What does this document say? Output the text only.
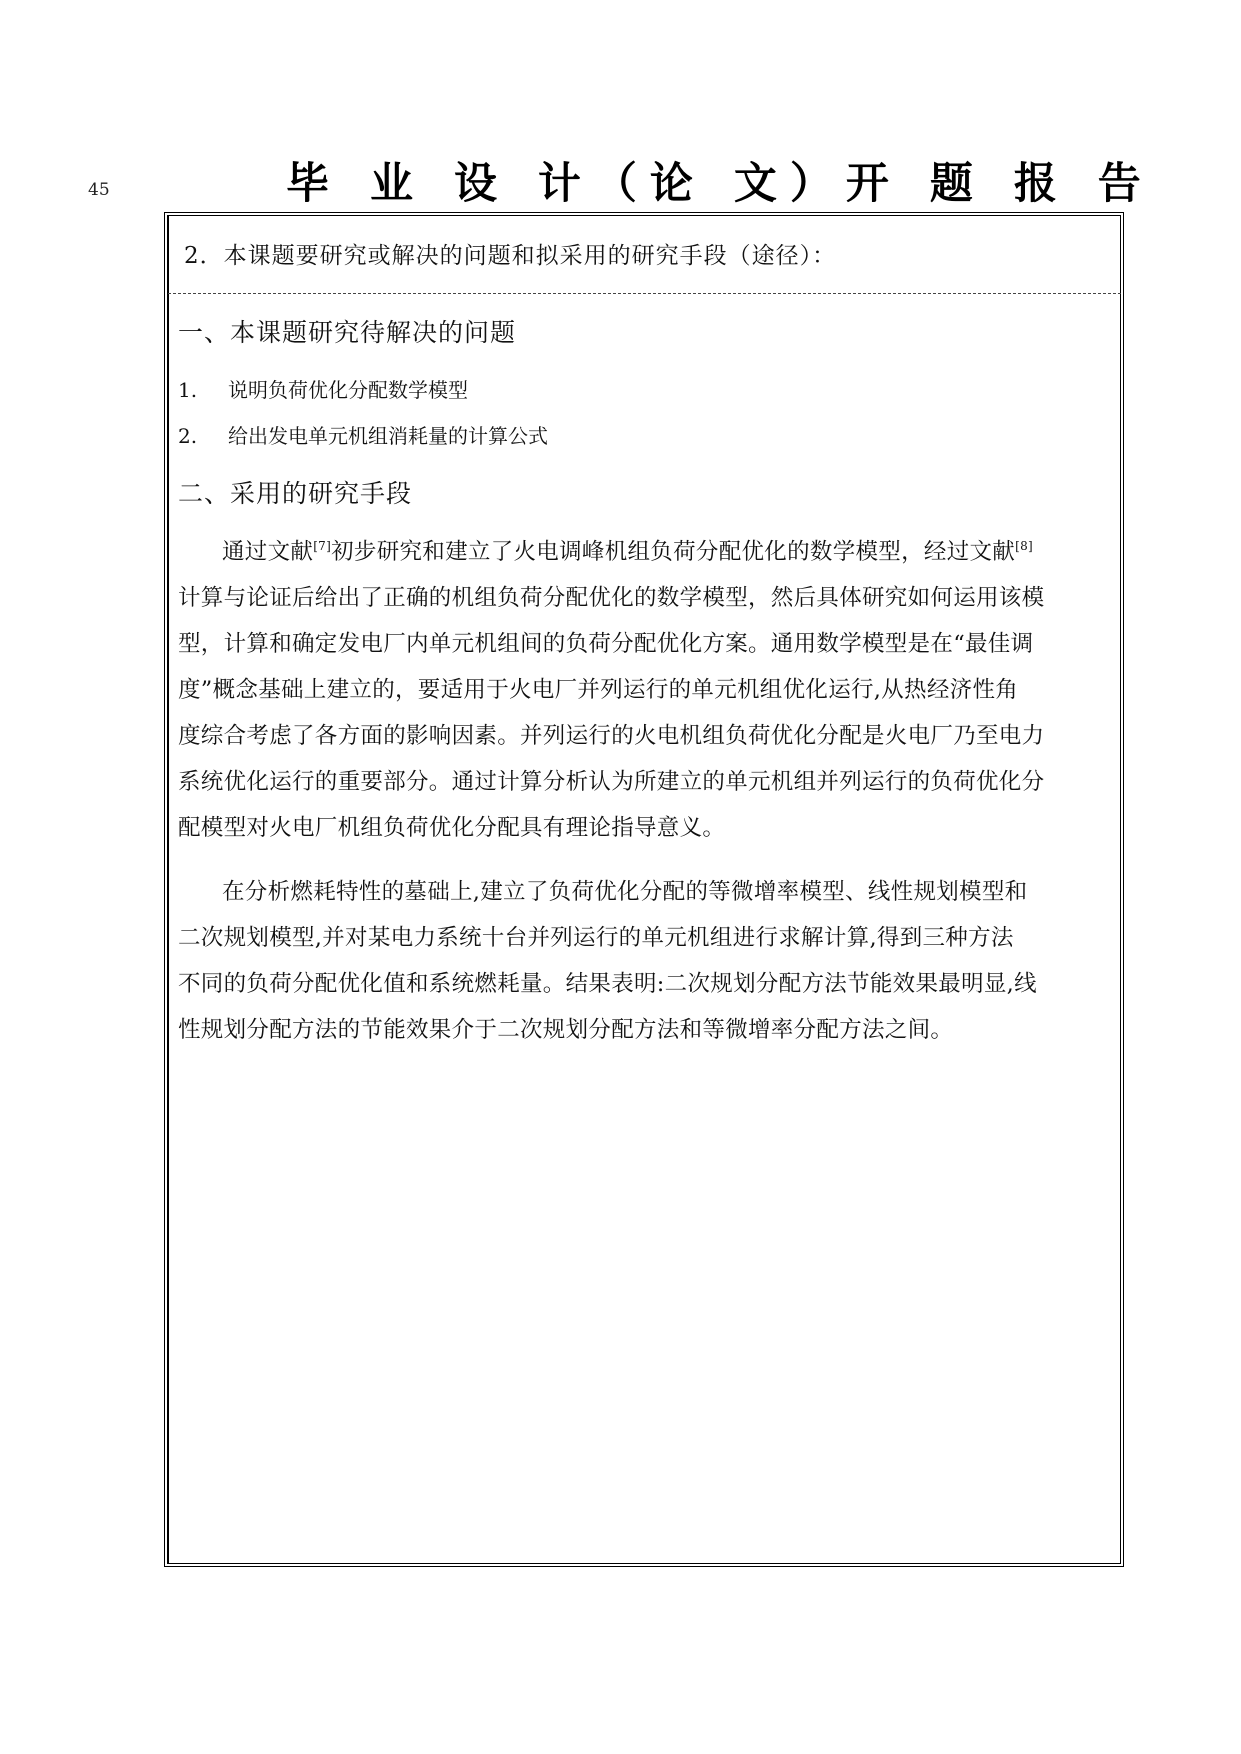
45	毕 业 设 计（论 文）开 题 报 告
2．本课题要研究或解决的问题和拟采用的研究手段（途径）：
一、本课题研究待解决的问题
1. 说明负荷优化分配数学模型
2. 给出发电单元机组消耗量的计算公式
二、采用的研究手段
通过文献[7]初步研究和建立了火电调峰机组负荷分配优化的数学模型，经过文献[8]
计算与论证后给出了正确的机组负荷分配优化的数学模型，然后具体研究如何运用该模
型，计算和确定发电厂内单元机组间的负荷分配优化方案。通用数学模型是在“最佳调
度”概念基础上建立的，要适用于火电厂并列运行的单元机组优化运行,从热经济性角
度综合考虑了各方面的影响因素。并列运行的火电机组负荷优化分配是火电厂乃至电力
系统优化运行的重要部分。通过计算分析认为所建立的单元机组并列运行的负荷优化分
配模型对火电厂机组负荷优化分配具有理论指导意义。
在分析燃耗特性的墓础上,建立了负荷优化分配的等微增率模型、线性规划模型和
二次规划模型,并对某电力系统十台并列运行的单元机组进行求解计算,得到三种方法
不同的负荷分配优化值和系统燃耗量。结果表明:二次规划分配方法节能效果最明显,线
性规划分配方法的节能效果介于二次规划分配方法和等微增率分配方法之间。
